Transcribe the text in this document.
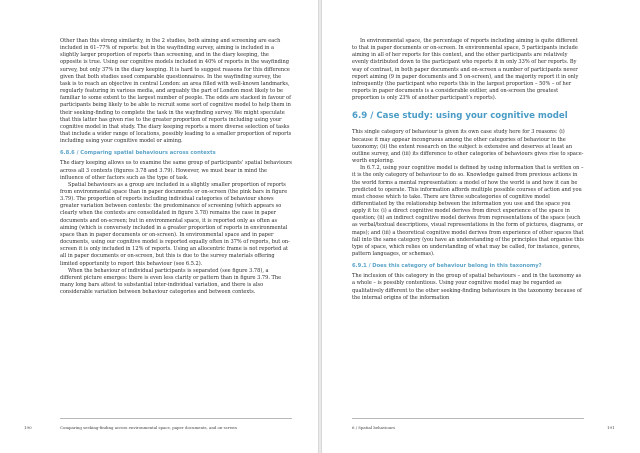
Other than this strong similarity, in the 2 studies, both aiming and screening are each included in 61–77% of reports: but in the wayfinding survey, aiming is included in a slightly larger proportion of reports than screening, and in the diary keeping, the opposite is true. Using our cognitive models included in 40% of reports in the wayfinding survey, but only 37% in the diary keeping. It is hard to suggest reasons for this difference given that both studies used comparable questionnaires. In the wayfinding survey, the task is to reach an objective in central London: an area filled with well-known landmarks, regularly featuring in various media, and arguably the part of London most likely to be familiar to some extent to the largest number of people. The odds are stacked in favour of participants being likely to be able to recruit some sort of cognitive model to help them in their seeking-finding to complete the task in the wayfinding survey. We might speculate that this latter has given rise to the greater proportion of reports including using your cognitive model in that study. The diary keeping reports a more diverse selection of tasks that include a wider range of locations, possibly leading to a smaller proportion of reports including using your cognitive model or aiming.

6.8.6 / Comparing spatial behaviours across contexts

The diary keeping allows us to examine the same group of participants’ spatial behaviours across all 3 contexts (figures 3.78 and 3.79). However, we must bear in mind the influence of other factors such as the type of task.

Spatial behaviours as a group are included in a slightly smaller proportion of reports from environmental space than in paper documents or on-screen (the pink bars in figure 3.79). The proportion of reports including individual categories of behaviour shows greater variation between contexts: the predominance of screening (which appears so clearly when the contexts are consolidated in figure 3.78) remains the case in paper documents and on-screen; but in environmental space, it is reported only as often as aiming (which is conversely included in a greater proportion of reports in environmental space than in paper documents or on-screen). In environmental space and in paper documents, using our cognitive model is reported equally often in 37% of reports, but on-screen it is only included in 12% of reports. Using an allocentric frame is not reported at all in paper documents or on-screen, but this is due to the survey materials offering limited opportunity to report this behaviour (see 6.5.2).

When the behaviour of individual participants is separated (see figure 3.78), a different picture emerges: there is even less clarity or pattern than in figure 3.79. The many long bars attest to substantial inter-individual variation, and there is also considerable variation between behaviour categories and between contexts.

190	Comparing seeking-finding across environmental space, paper documents, and on-screen

In environmental space, the percentage of reports including aiming is quite different to that in paper documents or on-screen. In environmental space, 5 participants include aiming in all of her reports for this context, and the other participants are relatively evenly distributed down to the participant who reports it in only 33% of her reports. By way of contrast, in both paper documents and on-screen a number of participants never report aiming (9 in paper documents and 5 on-screen), and the majority report it in only infrequently (the participant who reports this in the largest proportion – 50% – of her reports in paper documents is a considerable outlier, and on-screen the greatest proportion is only 23% of another participant’s reports).

6.9 / Case study: using your cognitive model

This single category of behaviour is given its own case study here for 3 reasons: (i) because it may appear incongruous among the other categories of behaviour in the taxonomy; (ii) the extent research on the subject is extensive and deserves at least an outline survey, and (iii) its difference to other categories of behaviours gives rise to space-worth exploring.

In 6.7.2, using your cognitive model is defined by using information that is written on – it is the only category of behaviour to do so. Knowledge gained from previous actions in the world forms a mental representation: a model of how the world is and how it can be predicted to operate. This information affords multiple possible courses of action and you must choose which to take. There are three subcategories of cognitive model differentiated by the relationship between the information you use and the space you apply it to: (i) a direct cognitive model derives from direct experience of the space in question; (ii) an indirect cognitive model derives from representations of the space (such as verbal/textual descriptions, visual representations in the form of pictures, diagrams, or maps); and (iii) a theoretical cognitive model derives from experience of other spaces that fall into the same category (you have an understanding of the principles that organise this type of space, which relies on understanding of what may be called, for instance, genres, pattern languages, or schemas).

6.9.1 / Does this category of behaviour belong in this taxonomy?

The inclusion of this category in the group of spatial behaviours – and in the taxonomy as a whole – is possibly contentious. Using your cognitive model may be regarded as qualitatively different to the other seeking-finding behaviours in the taxonomy because of the internal origins of the information

6 / Spatial behaviours	191
